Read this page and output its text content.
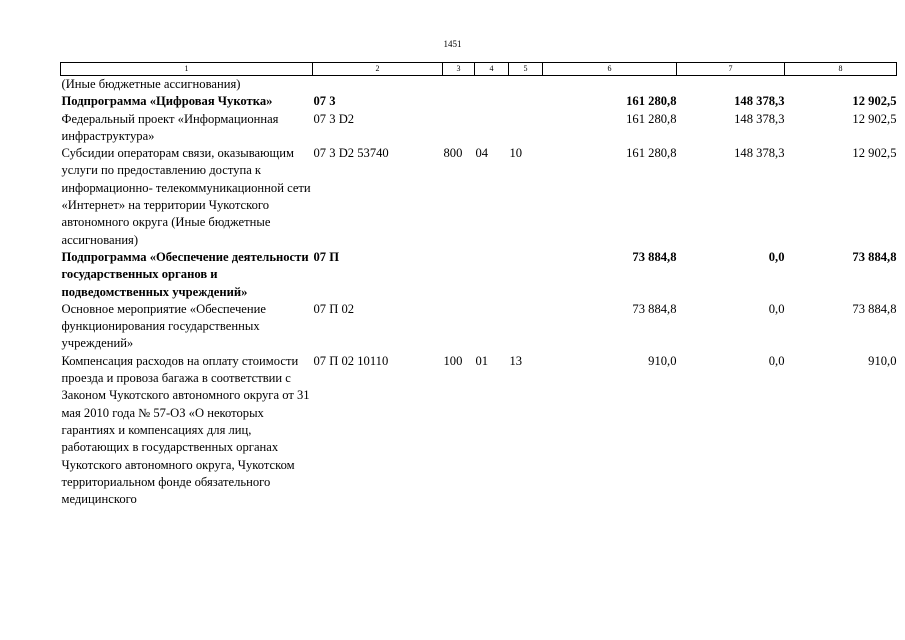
1451
1	2	3	4	5	6	7	8
(Иные бюджетные ассигнования)							
Подпрограмма «Цифровая Чукотка»	07 3				161 280,8	148 378,3	12 902,5
Федеральный проект «Информационная инфраструктура»	07 3 D2				161 280,8	148 378,3	12 902,5
Субсидии операторам связи, оказывающим услуги по предоставлению доступа к информационно- телекоммуникационной сети «Интернет» на территории Чукотского автономного округа (Иные бюджетные ассигнования)	07 3 D2 53740	800	04	10	161 280,8	148 378,3	12 902,5
Подпрограмма «Обеспечение деятельности государственных органов и подведомственных учреждений»	07 П				73 884,8	0,0	73 884,8
Основное мероприятие «Обеспечение функционирования государственных учреждений»	07 П 02				73 884,8	0,0	73 884,8
Компенсация расходов на оплату стоимости проезда и провоза багажа в соответствии с Законом Чукотского автономного округа от 31 мая 2010 года № 57-ОЗ «О некоторых гарантиях и компенсациях для лиц, работающих в государственных органах Чукотского автономного округа, Чукотском территориальном фонде обязательного медицинского	07 П 02 10110	100	01	13	910,0	0,0	910,0
